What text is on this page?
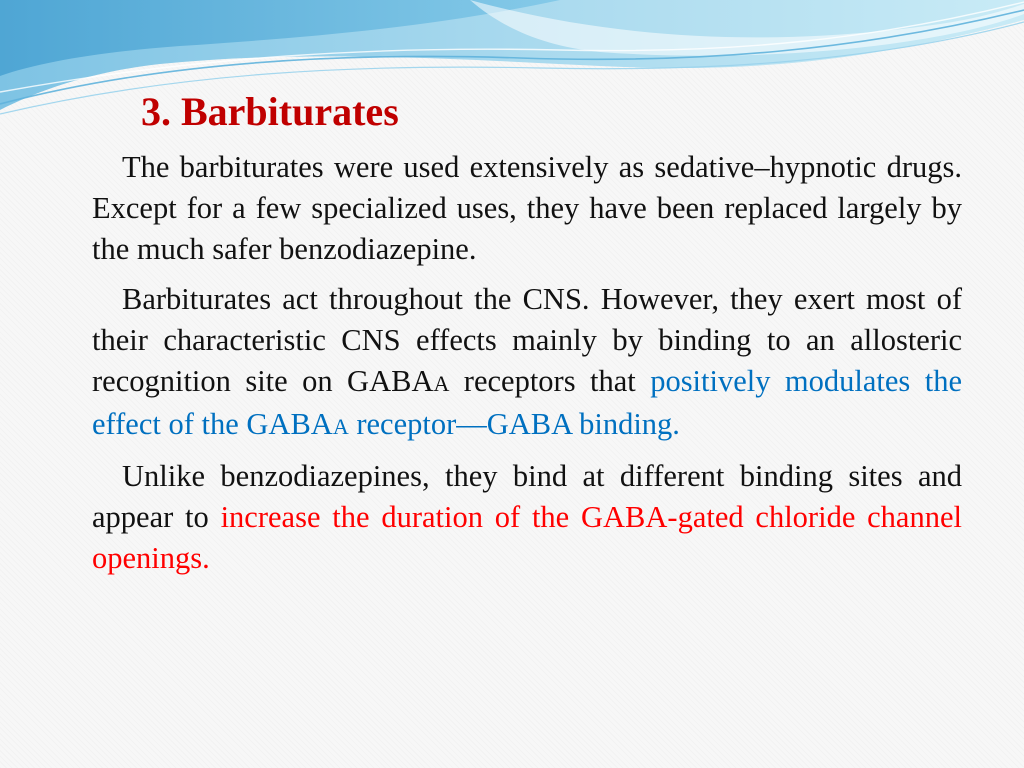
3. Barbiturates

The barbiturates were used extensively as sedative–hypnotic drugs. Except for a few specialized uses, they have been replaced largely by the much safer benzodiazepine.

Barbiturates act throughout the CNS. However, they exert most of their characteristic CNS effects mainly by binding to an allosteric recognition site on GABAA receptors that positively modulates the effect of the GABAA receptor—GABA binding.

Unlike benzodiazepines, they bind at different binding sites and appear to increase the duration of the GABA-gated chloride channel openings.
